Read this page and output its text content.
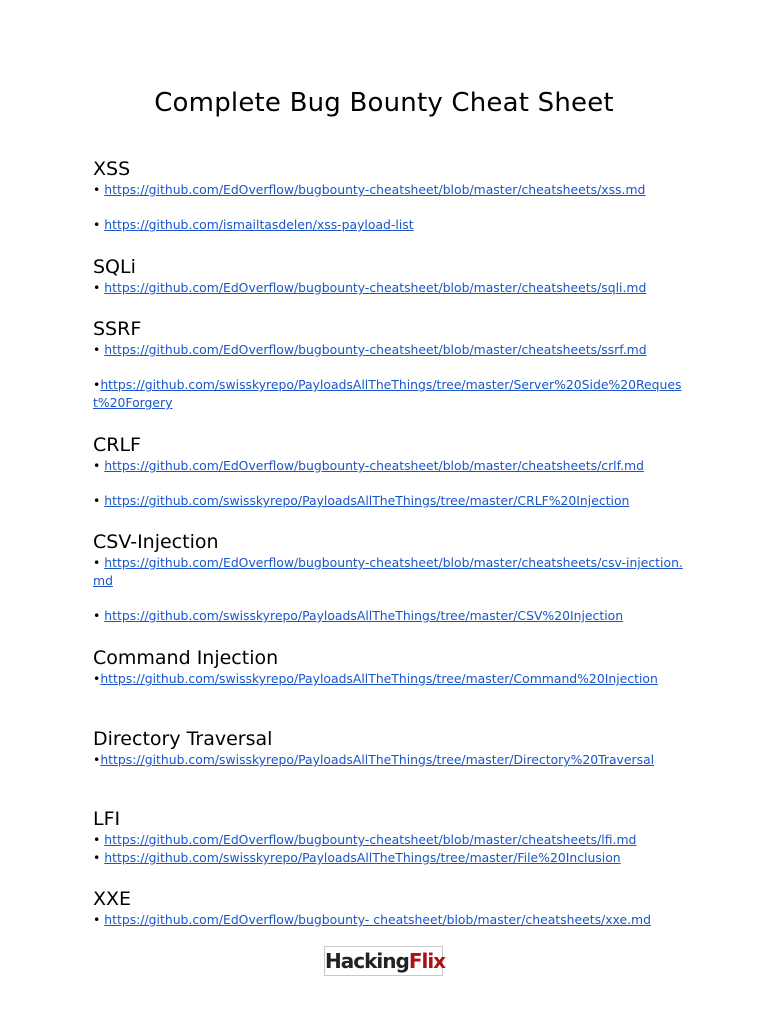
Complete Bug Bounty Cheat Sheet
XSS
• https://github.com/EdOverflow/bugbounty-cheatsheet/blob/master/cheatsheets/xss.md
• https://github.com/ismailtasdelen/xss-payload-list
SQLi
• https://github.com/EdOverflow/bugbounty-cheatsheet/blob/master/cheatsheets/sqli.md
SSRF
• https://github.com/EdOverflow/bugbounty-cheatsheet/blob/master/cheatsheets/ssrf.md
•https://github.com/swisskyrepo/PayloadsAllTheThings/tree/master/Server%20Side%20Request%20Forgery
CRLF
• https://github.com/EdOverflow/bugbounty-cheatsheet/blob/master/cheatsheets/crlf.md
• https://github.com/swisskyrepo/PayloadsAllTheThings/tree/master/CRLF%20Injection
CSV-Injection
• https://github.com/EdOverflow/bugbounty-cheatsheet/blob/master/cheatsheets/csv-injection.md
• https://github.com/swisskyrepo/PayloadsAllTheThings/tree/master/CSV%20Injection
Command Injection
•https://github.com/swisskyrepo/PayloadsAllTheThings/tree/master/Command%20Injection
Directory Traversal
•https://github.com/swisskyrepo/PayloadsAllTheThings/tree/master/Directory%20Traversal
LFI
• https://github.com/EdOverflow/bugbounty-cheatsheet/blob/master/cheatsheets/lfi.md
• https://github.com/swisskyrepo/PayloadsAllTheThings/tree/master/File%20Inclusion
XXE
• https://github.com/EdOverflow/bugbounty- cheatsheet/blob/master/cheatsheets/xxe.md
HackingFlix
